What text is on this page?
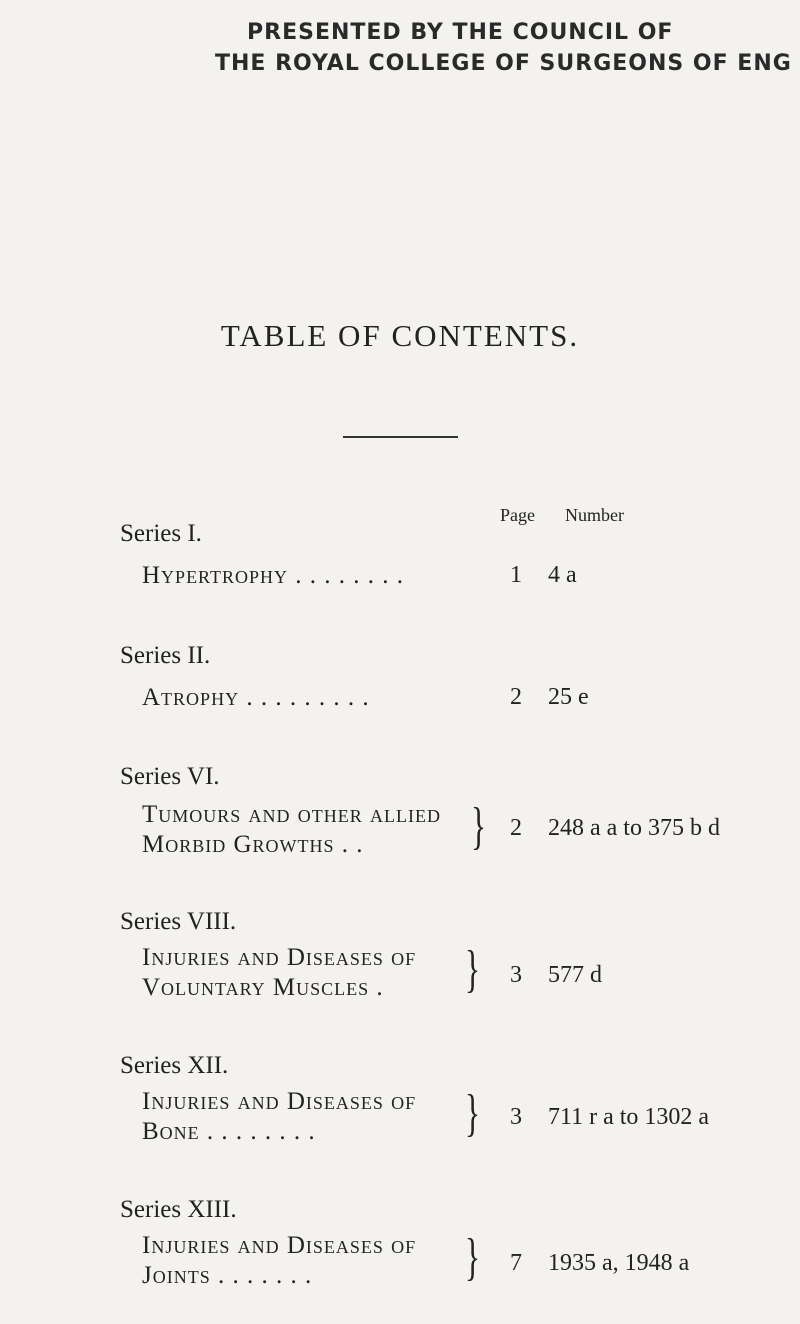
PRESENTED BY THE COUNCIL OF
THE ROYAL COLLEGE OF SURGEONS OF ENG
TABLE OF CONTENTS.
Page Number
Series I.
Hypertrophy . . . . . . . .	1 4 a
Series II.
Atrophy . . . . . . . . .	2 25 e
Series VI.
Tumours and other allied
Morbid Growths . . } 2 248 a a to 375 b d
Series VIII.
Injuries and Diseases of
Voluntary Muscles . } 3 577 d
Series XII.
Injuries and Diseases of
Bone . . . . . . . .	} 3 711 r a to 1302 a
Series XIII.
Injuries and Diseases of
Joints . . . . . . .	} 7 1935 a, 1948 a
